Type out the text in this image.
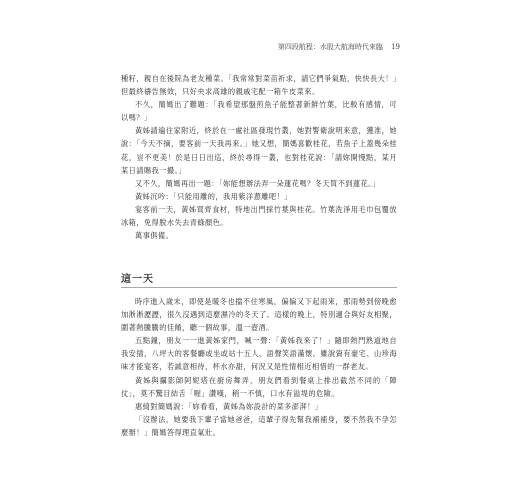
第四段航程：水股大航海時代來臨 19

種籽，親自在後院為老友種菜。「我常常對菜苗祈求，請它們爭氣點，快快長大！」但最終禱告無效，只好央求高雄的親戚宅配一箱牛皮菜來。

不久，簡媽出了難題：「我希望那盤煎魚子能整著新鮮竹葉，比較有感情，可以嗎？」

黃姊請遍住家附近，終於在一處社區發現竹叢，她對警衛說明來意，獲准，她說：「今天不摘，要客前一天我再來。」她又想，簡媽喜歡桂花，若魚子上蓋幾朵桂花，豈不更美！於是日日出巡，終於尋得一叢，也對桂花說：「請妳開慢點，某月某日請賜我一撮。」

又不久，簡媽再出一題：「妳能想辦法弄一朵蓮花嗎？冬天買不到蓮花。」

黃姊沉吟：「只能用雕的，我用紫洋蔥雕吧！」

宴客前一天，黃姊買齊食材，特地出門採竹葉與桂花。竹葉洗淨用毛巾包覆放冰箱，免得脫水失去青綠顏色。

萬事俱備。

這一天

時序進入歲末，即使是暖冬也擋不住寒風，偏偏又下起雨來，那雨勢到傍晚愈加淅淅瀝瀝，很久沒遇到這麼濕冷的冬天了。這樣的晚上，特別適合與好友相聚，圍著熱騰騰的佳餚，聽一個故事，溫一壺酒。

五點鐘，朋友一一進黃姊家門，喊一聲：「黃姊我來了！」隨即熱門熟道地自我安插，八坪大的客餐廳或坐或站十五人，語聲笑語滿懷。雖說資有豪宅、山珍海味才能宴客，若誠意相待，杯水亦甜，何況又是性情相近相惜的一群老友。

黃姊與攝影師阿妮塔在廚房舞弄，朋友們看到餐桌上排出截然不同的「陣仗」，莫不驚目結舌「喔」讚嘆，稍一不慎，口水有溢堤的危險。

惠綺對簡媽說：「妳看看，黃姊為妳設計的菜多澎湃！」

「沒辦法，她要我下輩子當她爸爸，這輩子得先幫我補補身，要不然我不孕怎麼辦！」簡媽答得理直氣壯。
